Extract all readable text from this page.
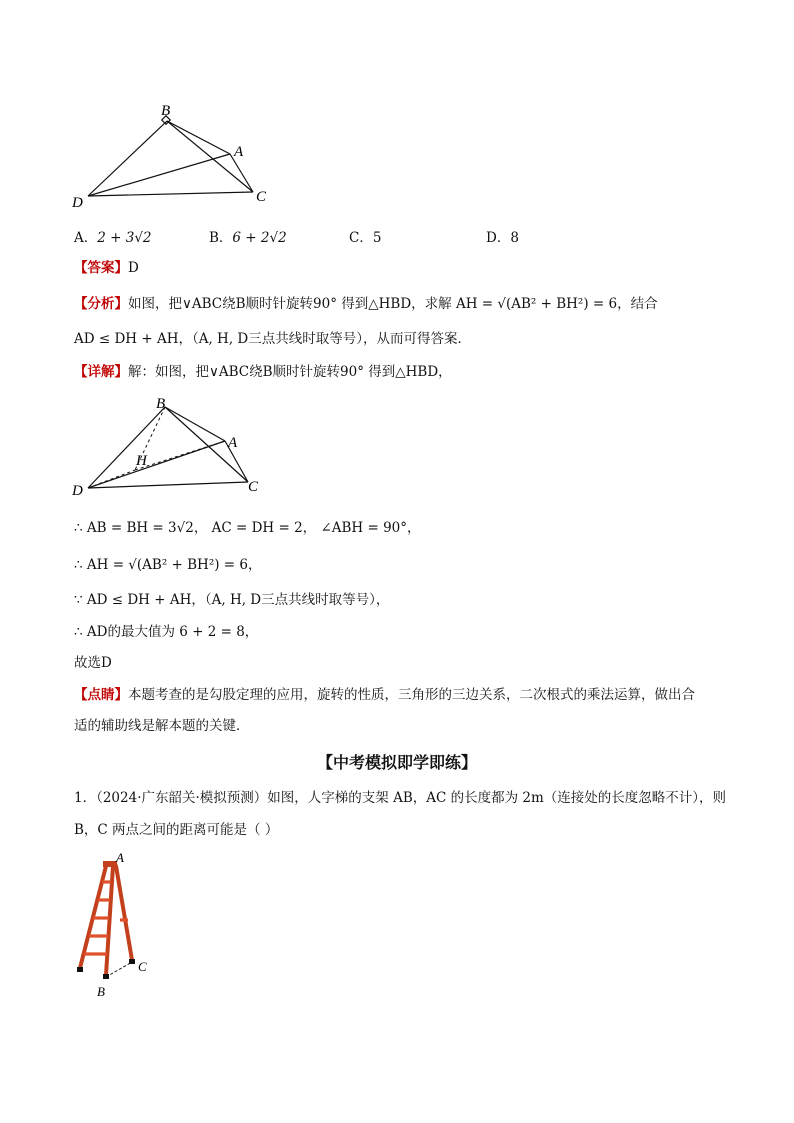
B
A
C
D
A．2 + 3√2	B．6 + 2√2	C．5	D．8
【答案】D
【分析】如图，把∨ABC绕B顺时针旋转90° 得到△HBD，求解 AH = √(AB² + BH²) = 6，结合
AD ≤ DH + AH，（A, H, D三点共线时取等号），从而可得答案．
【详解】解：如图，把∨ABC绕B顺时针旋转90° 得到△HBD，
B
A
C
D
H
∴ AB = BH = 3√2， AC = DH = 2， ∠ABH = 90°，
∴ AH = √(AB² + BH²) = 6，
∵ AD ≤ DH + AH，（A, H, D三点共线时取等号），
∴ AD的最大值为 6 + 2 = 8，
故选D
【点睛】本题考查的是勾股定理的应用，旋转的性质，三角形的三边关系，二次根式的乘法运算，做出合
适的辅助线是解本题的关键．
【中考模拟即学即练】
1．（2024·广东韶关·模拟预测）如图，人字梯的支架 AB，AC 的长度都为 2m（连接处的长度忽略不计），则
B，C 两点之间的距离可能是（ ）
A
B
C
